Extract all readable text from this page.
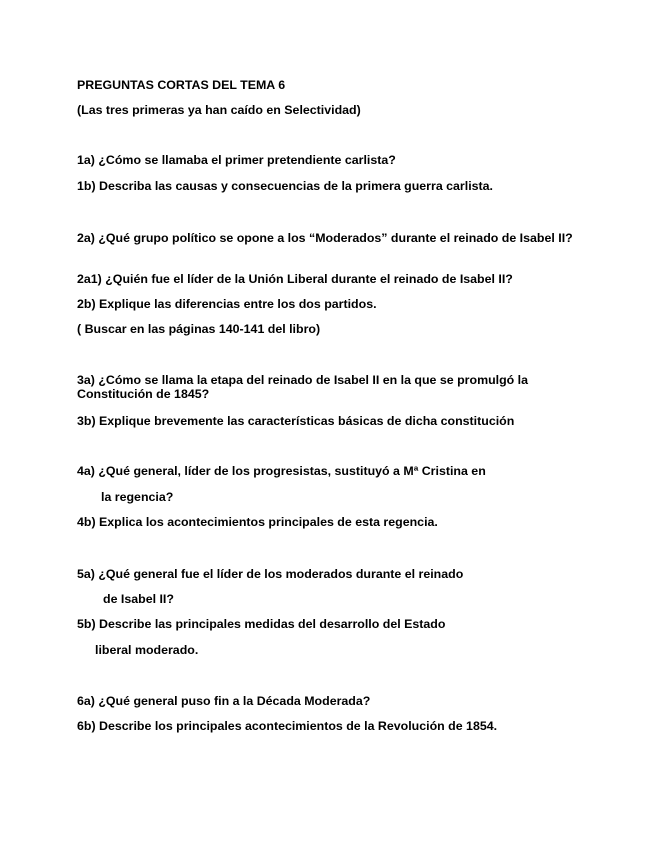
PREGUNTAS CORTAS DEL TEMA 6
(Las tres primeras ya han caído en Selectividad)
1a) ¿Cómo se llamaba el primer pretendiente carlista?
1b) Describa las causas y consecuencias de la primera guerra carlista.
2a) ¿Qué grupo político se opone a los “Moderados” durante el reinado de Isabel II?
2a1) ¿Quién fue el líder de la Unión Liberal durante el reinado de Isabel II?
2b) Explique las diferencias entre los dos partidos.
( Buscar en las páginas 140-141 del libro)
3a) ¿Cómo se llama la etapa del reinado de Isabel II en la que se promulgó la Constitución de 1845?
3b) Explique brevemente las características básicas de dicha constitución
4a) ¿Qué general, líder de los progresistas, sustituyó a Mª Cristina en
la regencia?
4b) Explica los acontecimientos principales de esta regencia.
5a) ¿Qué general fue el líder de los moderados durante el reinado
de Isabel II?
5b) Describe las principales medidas del desarrollo del Estado
liberal moderado.
6a) ¿Qué general puso fin a la Década Moderada?
6b) Describe los principales acontecimientos de la Revolución de 1854.
